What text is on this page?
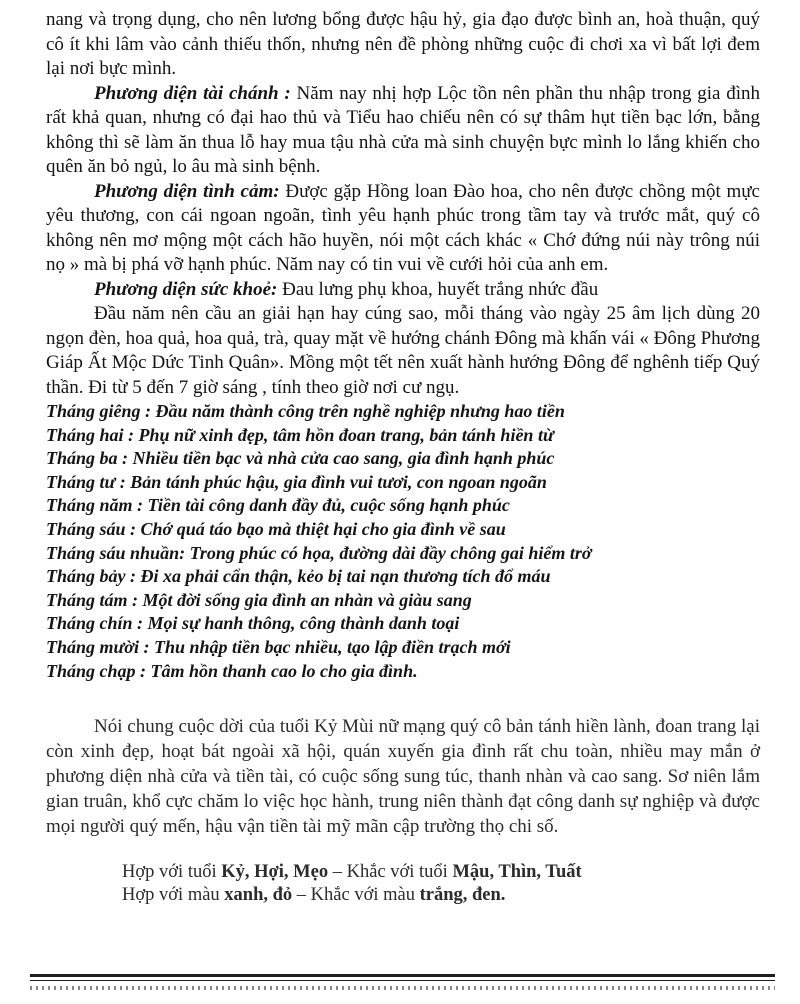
nang và trọng dụng, cho nên lương bổng được hậu hỷ, gia đạo được bình an, hoà thuận, quý cô ít khi lâm vào cảnh thiếu thốn, nhưng nên đề phòng những cuộc đi chơi xa vì bất lợi đem lại nơi bực mình.

Phương diện tài chánh : Năm nay nhị hợp Lộc tồn nên phần thu nhập trong gia đình rất khả quan, nhưng có đại hao thủ và Tiểu hao chiếu nên có sự thâm hụt tiền bạc lớn, bằng không thì sẽ làm ăn thua lỗ hay mua tậu nhà cửa mà sinh chuyện bực mình lo lắng khiến cho quên ăn bỏ ngủ, lo âu mà sinh bệnh.

Phương diện tình cảm: Được gặp Hồng loan Đào hoa, cho nên được chồng một mực yêu thương, con cái ngoan ngoãn, tình yêu hạnh phúc trong tầm tay và trước mắt, quý cô không nên mơ mộng một cách hão huyền, nói một cách khác « Chớ đứng núi này trông núi nọ » mà bị phá vỡ hạnh phúc. Năm nay có tin vui về cưới hỏi của anh em.

Phương diện sức khoẻ: Đau lưng phụ khoa, huyết trắng nhức đầu

Đầu năm nên cầu an giải hạn hay cúng sao, mỗi tháng vào ngày 25 âm lịch dùng 20 ngọn đèn, hoa quả, hoa quả, trà, quay mặt về hướng chánh Đông mà khấn vái « Đông Phương Giáp Ất Mộc Dức Tinh Quân». Mồng một tết nên xuất hành hướng Đông để nghênh tiếp Quý thần. Đi từ 5 đến 7 giờ sáng , tính theo giờ nơi cư ngụ.

Tháng giêng : Đầu năm thành công trên nghề nghiệp nhưng hao tiền

Tháng hai : Phụ nữ xinh đẹp, tâm hồn đoan trang, bản tánh hiền từ

Tháng ba : Nhiều tiền bạc và nhà cửa cao sang, gia đình hạnh phúc

Tháng tư : Bản tánh phúc hậu, gia đình vui tươi, con ngoan ngoãn

Tháng năm : Tiền tài công danh đầy đủ, cuộc sống hạnh phúc

Tháng sáu : Chớ quá táo bạo mà thiệt hại cho gia đình về sau

Tháng sáu nhuần: Trong phúc có họa, đường dài đầy chông gai hiểm trở

Tháng bảy : Đi xa phải cẩn thận, kẻo bị tai nạn thương tích đổ máu

Tháng tám : Một đời sống gia đình an nhàn và giàu sang

Tháng chín : Mọi sự hanh thông, công thành danh toại

Tháng mười : Thu nhập tiền bạc nhiều, tạo lập điền trạch mới

Tháng chạp : Tâm hồn thanh cao lo cho gia đình.

Nói chung cuộc dời của tuổi Kỷ Mùi nữ mạng quý cô bản tánh hiền lành, đoan trang lại còn xinh đẹp, hoạt bát ngoài xã hội, quán xuyến gia đình rất chu toàn, nhiều may mắn ở phương diện nhà cửa và tiền tài, có cuộc sống sung túc, thanh nhàn và cao sang. Sơ niên lắm gian truân, khổ cực chăm lo việc học hành, trung niên thành đạt công danh sự nghiệp và được mọi người quý mến, hậu vận tiền tài mỹ mãn cập trường thọ chi số.

Hợp với tuổi Kỷ, Hợi, Mẹo – Khắc với tuổi Mậu, Thìn, Tuất
Hợp với màu xanh, đỏ – Khắc với màu trắng, đen.
